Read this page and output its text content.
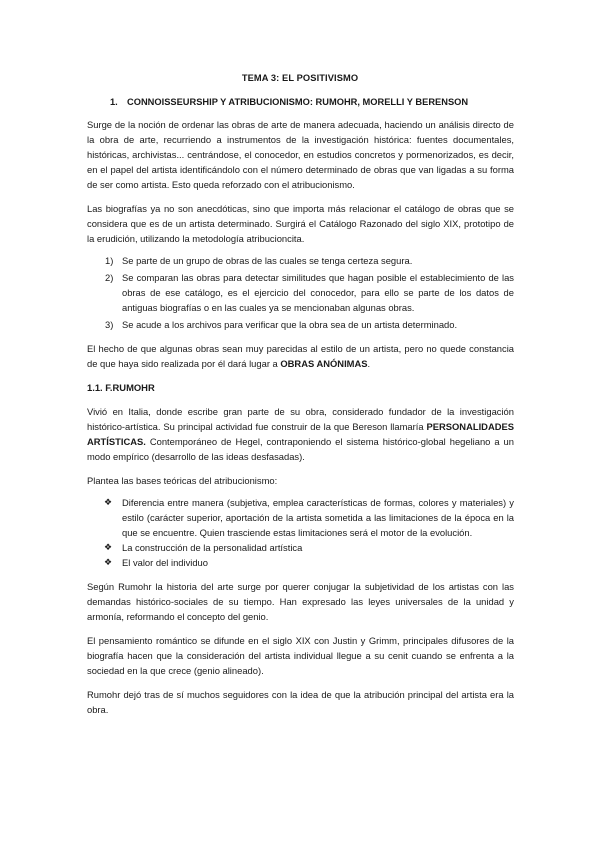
TEMA 3: EL POSITIVISMO
1. CONNOISSEURSHIP Y ATRIBUCIONISMO: RUMOHR, MORELLI Y BERENSON

Surge de la noción de ordenar las obras de arte de manera adecuada, haciendo un análisis directo de la obra de arte, recurriendo a instrumentos de la investigación histórica: fuentes documentales, históricas, archivistas... centrándose, el conocedor, en estudios concretos y pormenorizados, es decir, en el papel del artista identificándolo con el número determinado de obras que van ligadas a su forma de ser como artista. Esto queda reforzado con el atribucionismo.

Las biografías ya no son anecdóticas, sino que importa más relacionar el catálogo de obras que se considera que es de un artista determinado. Surgirá el Catálogo Razonado del siglo XIX, prototipo de la erudición, utilizando la metodología atribucioncita.

1) Se parte de un grupo de obras de las cuales se tenga certeza segura.
2) Se comparan las obras para detectar similitudes que hagan posible el establecimiento de las obras de ese catálogo, es el ejercicio del conocedor, para ello se parte de los datos de antiguas biografías o en las cuales ya se mencionaban algunas obras.
3) Se acude a los archivos para verificar que la obra sea de un artista determinado.

El hecho de que algunas obras sean muy parecidas al estilo de un artista, pero no quede constancia de que haya sido realizada por él dará lugar a OBRAS ANÓNIMAS.

1.1. F.RUMOHR

Vivió en Italia, donde escribe gran parte de su obra, considerado fundador de la investigación histórico-artística. Su principal actividad fue construir de la que Bereson llamaría PERSONALIDADES ARTÍSTICAS. Contemporáneo de Hegel, contraponiendo el sistema histórico-global hegeliano a un modo empírico (desarrollo de las ideas desfasadas).

Plantea las bases teóricas del atribucionismo:

❖ Diferencia entre manera (subjetiva, emplea características de formas, colores y materiales) y estilo (carácter superior, aportación de la artista sometida a las limitaciones de la época en la que se encuentre. Quien trasciende estas limitaciones será el motor de la evolución.
❖ La construcción de la personalidad artística
❖ El valor del individuo

Según Rumohr la historia del arte surge por querer conjugar la subjetividad de los artistas con las demandas histórico-sociales de su tiempo. Han expresado las leyes universales de la unidad y armonía, reformando el concepto del genio.

El pensamiento romántico se difunde en el siglo XIX con Justin y Grimm, principales difusores de la biografía hacen que la consideración del artista individual llegue a su cenit cuando se enfrenta a la sociedad en la que crece (genio alineado).

Rumohr dejó tras de sí muchos seguidores con la idea de que la atribución principal del artista era la obra.
